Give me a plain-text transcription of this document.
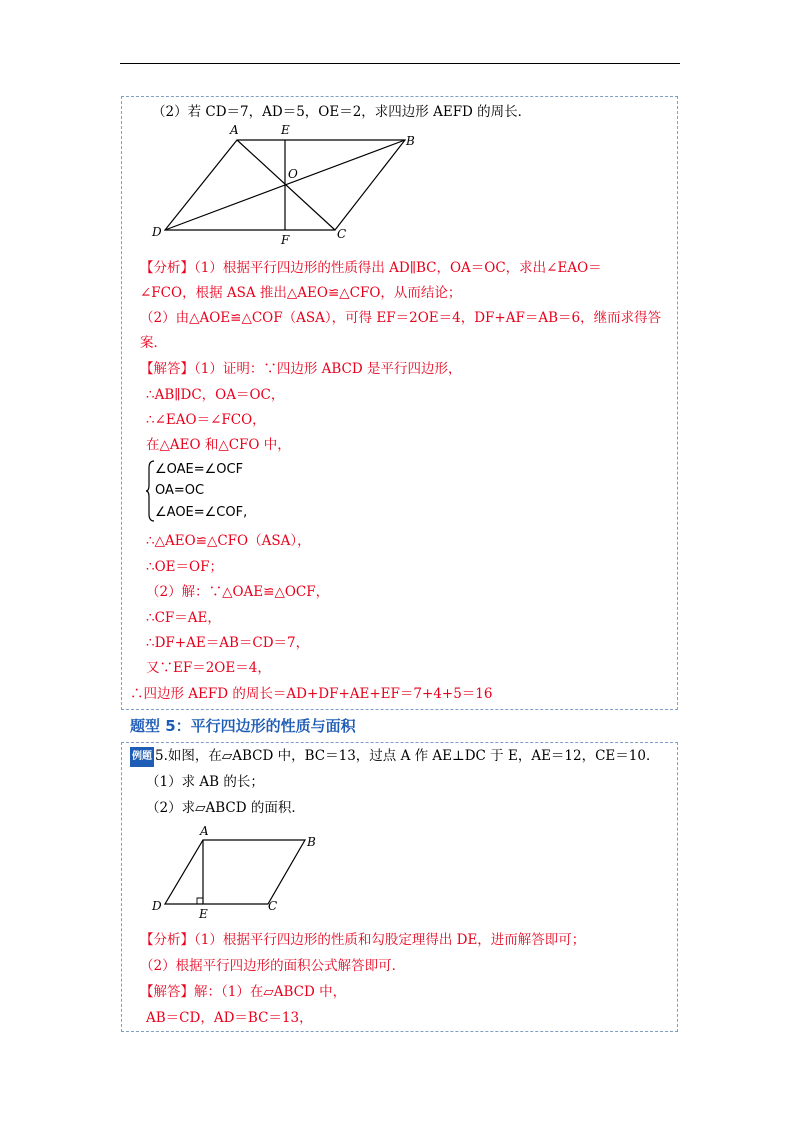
（2）若 CD＝7，AD＝5，OE＝2，求四边形 AEFD 的周长．
A	E
B
O
D
F	C
【分析】（1）根据平行四边形的性质得出 AD∥BC，OA＝OC，求出∠EAO＝
∠FCO，根据 ASA 推出△AEO≌△CFO，从而结论；
（2）由△AOE≌△COF（ASA），可得 EF＝2OE＝4，DF+AF＝AB＝6，继而求得答
案．
【解答】（1）证明：∵四边形 ABCD 是平行四边形，
∴AB∥DC，OA＝OC，
∴∠EAO＝∠FCO，
在△AEO 和△CFO 中，
∠OAE=∠OCF
OA=OC
∠AOE=∠COF,
∴△AEO≌△CFO（ASA），
∴OE＝OF；
（2）解：∵△OAE≌△OCF，
∴CF＝AE，
∴DF+AE＝AB＝CD＝7，
又∵EF＝2OE＝4，
∴四边形 AEFD 的周长＝AD+DF+AE+EF＝7+4+5＝16
题型 5：平行四边形的性质与面积
例题 5.如图，在▱ABCD 中，BC＝13，过点 A 作 AE⊥DC 于 E，AE＝12，CE＝10．
（1）求 AB 的长；
（2）求▱ABCD 的面积．
A
B
D
E
C
【分析】（1）根据平行四边形的性质和勾股定理得出 DE，进而解答即可；
（2）根据平行四边形的面积公式解答即可．
【解答】解：（1）在▱ABCD 中，
AB＝CD，AD＝BC＝13，
